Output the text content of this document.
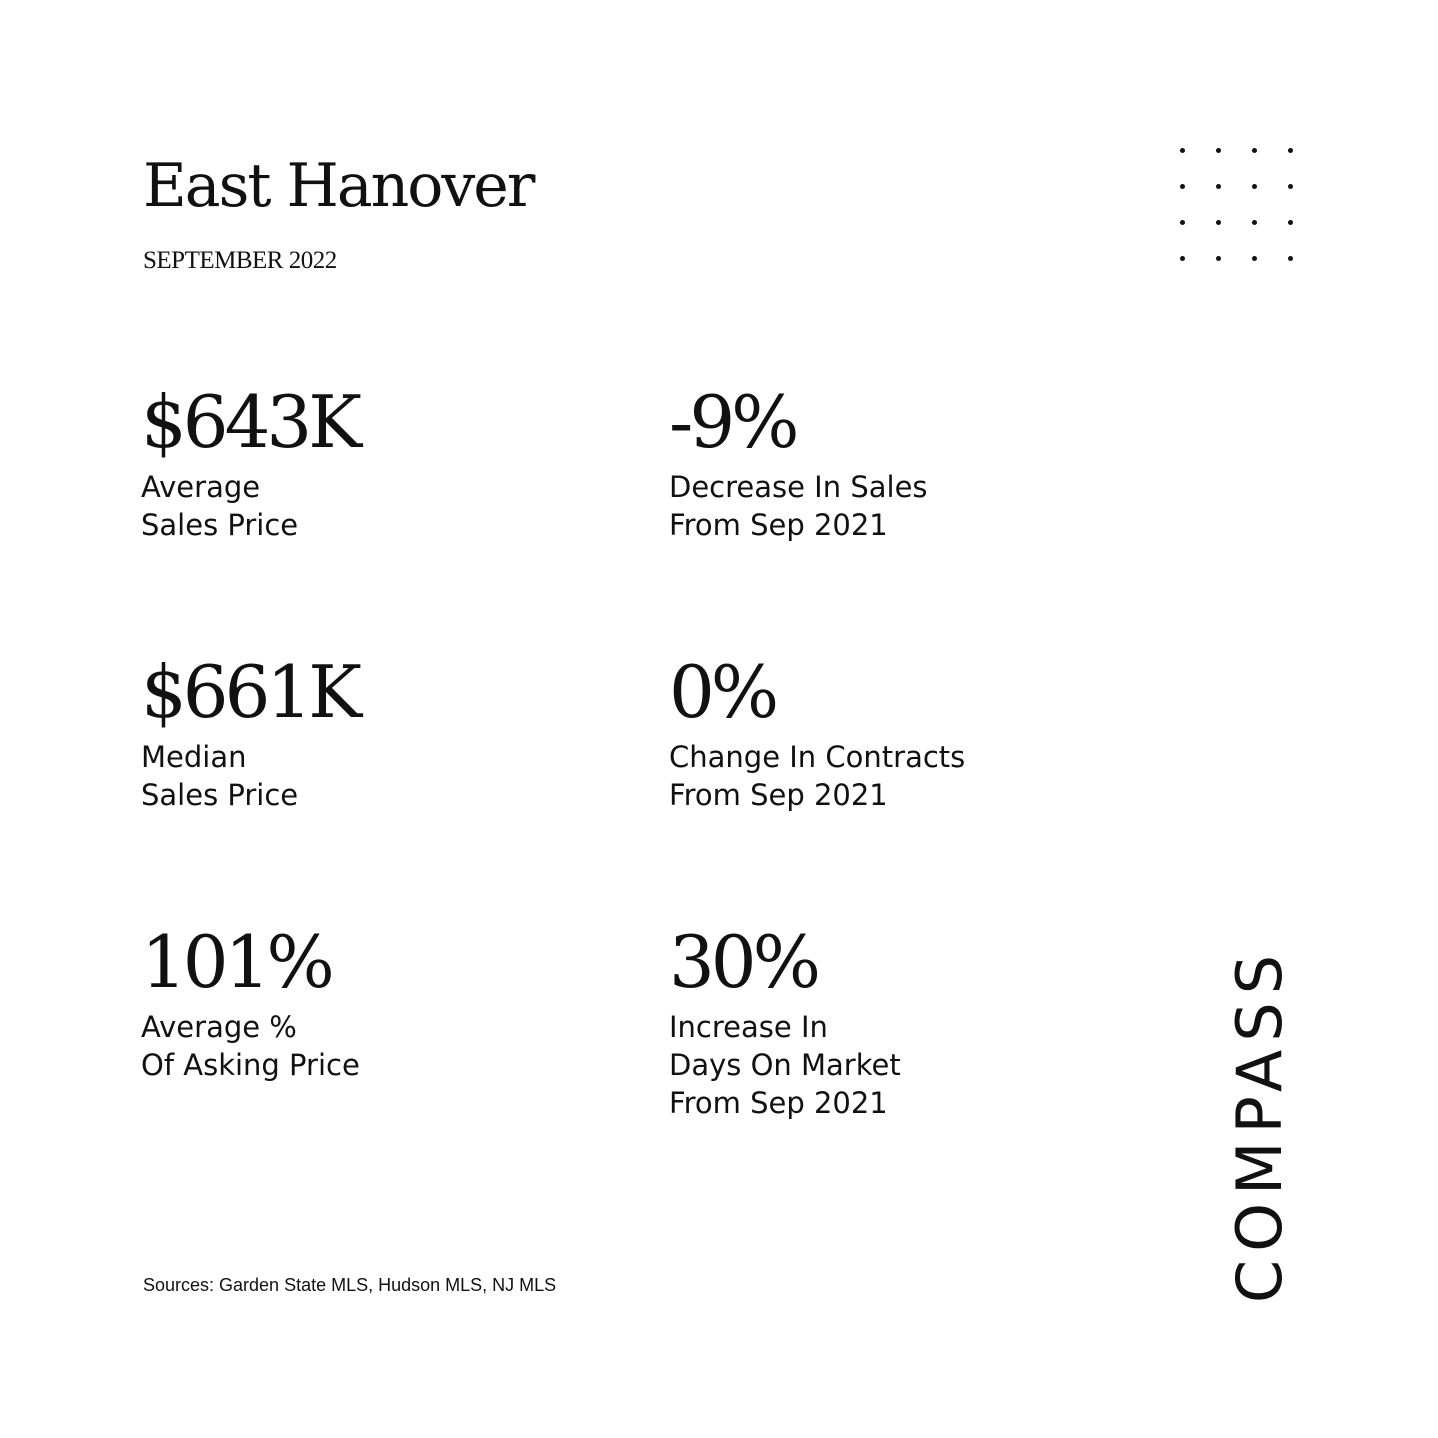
East Hanover
SEPTEMBER 2022
$643K
Average
Sales Price
-9%
Decrease In Sales
From Sep 2021
$661K
Median
Sales Price
0%
Change In Contracts
From Sep 2021
101%
Average %
Of Asking Price
30%
Increase In
Days On Market
From Sep 2021
Sources: Garden State MLS, Hudson MLS, NJ MLS	COMPASS
